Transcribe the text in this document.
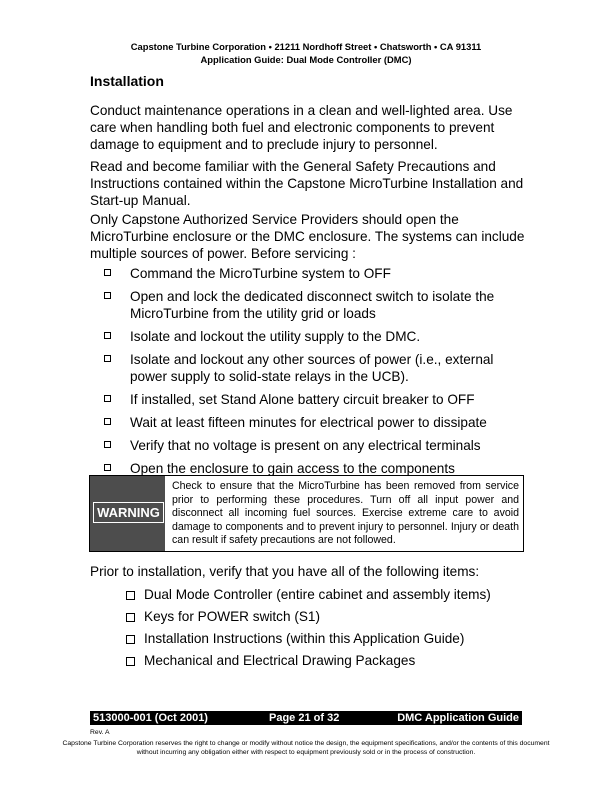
Capstone Turbine Corporation • 21211 Nordhoff Street • Chatsworth • CA 91311
Application Guide: Dual Mode Controller (DMC)
Installation

Conduct maintenance operations in a clean and well-lighted area. Use care when handling both fuel and electronic components to prevent damage to equipment and to preclude injury to personnel.

Read and become familiar with the General Safety Precautions and Instructions contained within the Capstone MicroTurbine Installation and Start-up Manual.

Only Capstone Authorized Service Providers should open the MicroTurbine enclosure or the DMC enclosure. The systems can include multiple sources of power. Before servicing :

Command the MicroTurbine system to OFF
Open and lock the dedicated disconnect switch to isolate the MicroTurbine from the utility grid or loads
Isolate and lockout the utility supply to the DMC.
Isolate and lockout any other sources of power (i.e., external power supply to solid-state relays in the UCB).
If installed, set Stand Alone battery circuit breaker to OFF
Wait at least fifteen minutes for electrical power to dissipate
Verify that no voltage is present on any electrical terminals
Open the enclosure to gain access to the components
WARNING

Check to ensure that the MicroTurbine has been removed from service prior to performing these procedures. Turn off all input power and disconnect all incoming fuel sources. Exercise extreme care to avoid damage to components and to prevent injury to personnel. Injury or death can result if safety precautions are not followed.

Prior to installation, verify that you have all of the following items:

Dual Mode Controller (entire cabinet and assembly items)
Keys for POWER switch (S1)
Installation Instructions (within this Application Guide)
Mechanical and Electrical Drawing Packages
513000-001 (Oct 2001)	Page 21 of 32	DMC Application Guide
Rev. A
Capstone Turbine Corporation reserves the right to change or modify without notice the design, the equipment specifications, and/or the contents of this document without incurring any obligation either with respect to equipment previously sold or in the process of construction.
